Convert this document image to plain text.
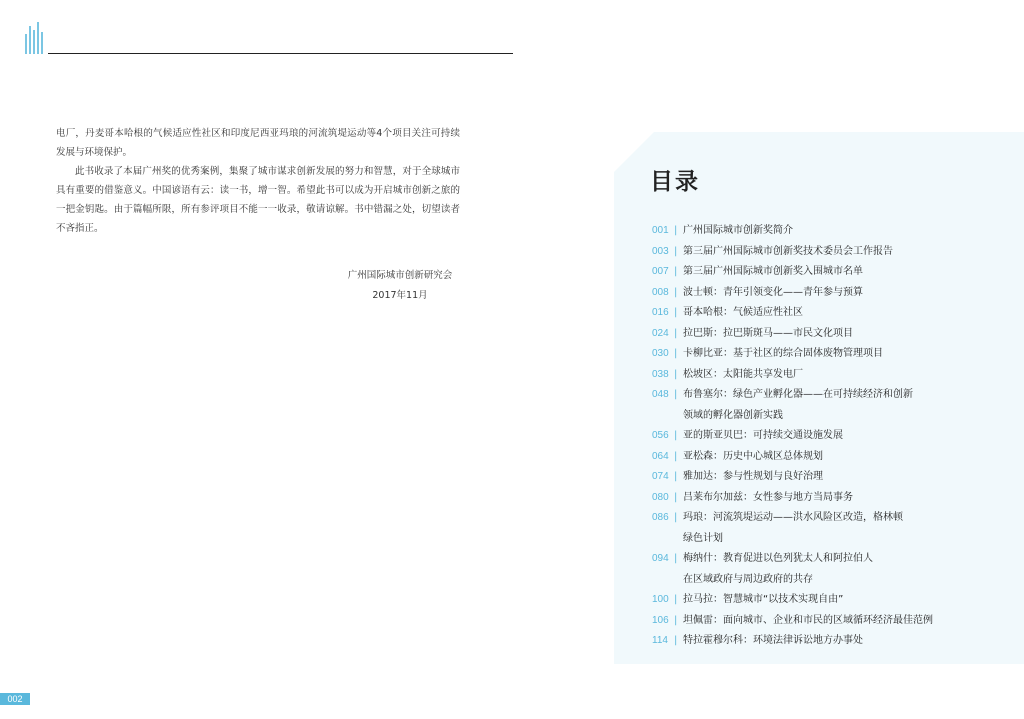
电厂，丹麦哥本哈根的气候适应性社区和印度尼西亚玛琅的河流筑堤运动等4个项目关注可持续发展与环境保护。

此书收录了本届广州奖的优秀案例，集聚了城市谋求创新发展的努力和智慧，对于全球城市具有重要的借鉴意义。中国谚语有云：读一书，增一智。希望此书可以成为开启城市创新之旅的一把金钥匙。由于篇幅所限，所有参评项目不能一一收录，敬请谅解。书中错漏之处，切望读者不吝指正。

广州国际城市创新研究会
2017年11月
目录
001 | 广州国际城市创新奖简介
003 | 第三届广州国际城市创新奖技术委员会工作报告
007 | 第三届广州国际城市创新奖入围城市名单
008 | 波士顿：青年引领变化——青年参与预算
016 | 哥本哈根：气候适应性社区
024 | 拉巴斯：拉巴斯斑马——市民文化项目
030 | 卡柳比亚：基于社区的综合固体废物管理项目
038 | 松坡区：太阳能共享发电厂
048 | 布鲁塞尔：绿色产业孵化器——在可持续经济和创新
领域的孵化器创新实践
056 | 亚的斯亚贝巴：可持续交通设施发展
064 | 亚松森：历史中心城区总体规划
074 | 雅加达：参与性规划与良好治理
080 | 吕莱布尔加兹：女性参与地方当局事务
086 | 玛琅：河流筑堤运动——洪水风险区改造，格林顿
绿色计划
094 | 梅纳什：教育促进以色列犹太人和阿拉伯人
在区域政府与周边政府的共存
100 | 拉马拉：智慧城市“以技术实现自由”
106 | 坦佩雷：面向城市、企业和市民的区域循环经济最佳范例
114 | 特拉霍穆尔科：环境法律诉讼地方办事处
002
